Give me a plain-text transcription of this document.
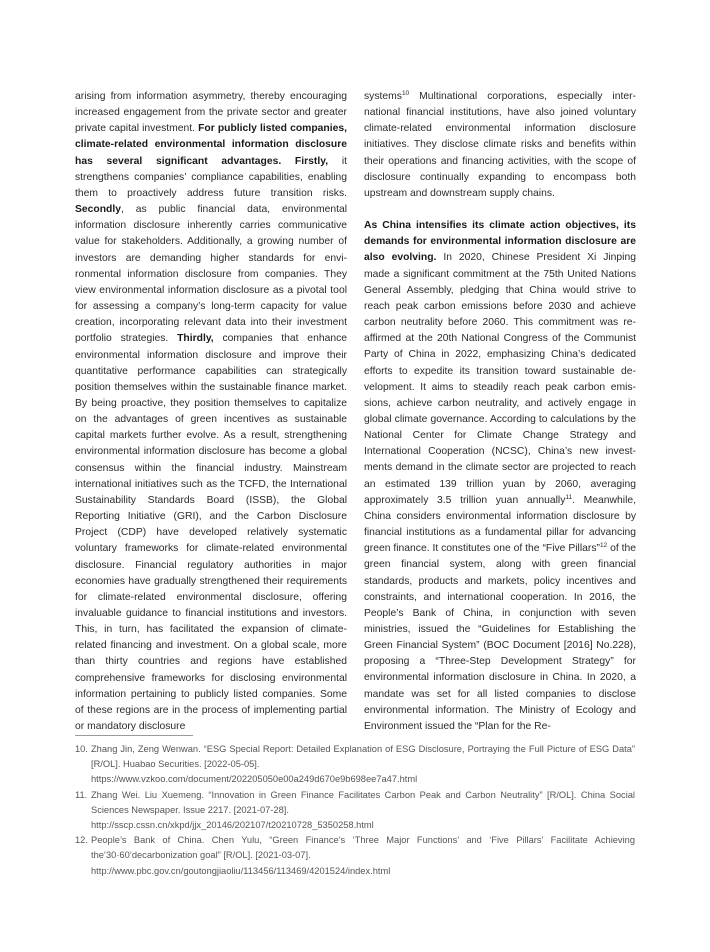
arising from information asymmetry, thereby encouraging increased engagement from the private sector and greater private capital investment. For publicly listed companies, climate-related environmental information disclosure has several significant advantages. Firstly, it strengthens companies’ compliance capabilities, enabling them to proactively address future transition risks. Secondly, as public financial data, environmental information disclosure inherently carries communicative value for stakeholders. Additionally, a growing number of investors are demanding higher standards for environmental information disclosure from companies. They view environmental information disclosure as a pivotal tool for assessing a company’s long-term capacity for value creation, incorporating relevant data into their investment portfolio strategies. Thirdly, companies that enhance environmental information disclosure and improve their quantitative performance capabilities can strategically position themselves within the sustainable finance market. By being proactive, they position themselves to capitalize on the advantages of green incentives as sustainable capital markets further evolve. As a result, strengthening environmental information disclosure has become a global consensus within the financial industry. Mainstream international initiatives such as the TCFD, the International Sustainability Standards Board (ISSB), the Global Reporting Initiative (GRI), and the Carbon Disclosure Project (CDP) have developed relatively systematic voluntary frameworks for climate-related environmental disclosure. Financial regulatory authorities in major economies have gradually strengthened their requirements for climate-related environmental disclosure, offering invaluable guidance to financial institutions and investors. This, in turn, has facilitated the expansion of climate-related financing and investment. On a global scale, more than thirty countries and regions have established comprehensive frameworks for disclosing environmental information pertaining to publicly listed companies. Some of these regions are in the process of implementing partial or mandatory disclosure

systems$^{10}$ Multinational corporations, especially international financial institutions, have also joined voluntary climate-related environmental information disclosure initiatives. They disclose climate risks and benefits within their operations and financing activities, with the scope of disclosure continually expanding to encompass both upstream and downstream supply chains.

As China intensifies its climate action objectives, its demands for environmental information disclosure are also evolving. In 2020, Chinese President Xi Jinping made a significant commitment at the 75th United Nations General Assembly, pledging that China would strive to reach peak carbon emissions before 2030 and achieve carbon neutrality before 2060. This commitment was reaffirmed at the 20th National Congress of the Communist Party of China in 2022, emphasizing China’s dedicated efforts to expedite its transition toward sustainable development. It aims to steadily reach peak carbon emissions, achieve carbon neutrality, and actively engage in global climate governance. According to calculations by the National Center for Climate Change Strategy and International Cooperation (NCSC), China’s new investments demand in the climate sector are projected to reach an estimated 139 trillion yuan by 2060, averaging approximately 3.5 trillion yuan annually$^{11}$. Meanwhile, China considers environmental information disclosure by financial institutions as a fundamental pillar for advancing green finance. It constitutes one of the “Five Pillars”$^{12}$ of the green financial system, along with green financial standards, products and markets, policy incentives and constraints, and international cooperation. In 2016, the People’s Bank of China, in conjunction with seven ministries, issued the “Guidelines for Establishing the Green Financial System” (BOC Document [2016] No.228), proposing a “Three-Step Development Strategy” for environmental information disclosure in China. In 2020, a mandate was set for all listed companies to disclose environmental information. The Ministry of Ecology and Environment issued the “Plan for the Re-

10. Zhang Jin, Zeng Wenwan. “ESG Special Report: Detailed Explanation of ESG Disclosure, Portraying the Full Picture of ESG Data” [R/OL]. Huabao Securities. [2022-05-05].
https://www.vzkoo.com/document/202205050e00a249d670e9b698ee7a47.html
11. Zhang Wei. Liu Xuemeng. “Innovation in Green Finance Facilitates Carbon Peak and Carbon Neutrality” [R/OL]. China Social Sciences Newspaper. Issue 2217. [2021-07-28].
http://sscp.cssn.cn/xkpd/jjx_20146/202107/t20210728_5350258.html
12. People’s Bank of China. Chen Yulu, “Green Finance’s ‘Three Major Functions’ and ‘Five Pillars’ Facilitate Achieving the‘30·60’decarbonization goal” [R/OL]. [2021-03-07].
http://www.pbc.gov.cn/goutongjiaoliu/113456/113469/4201524/index.html
